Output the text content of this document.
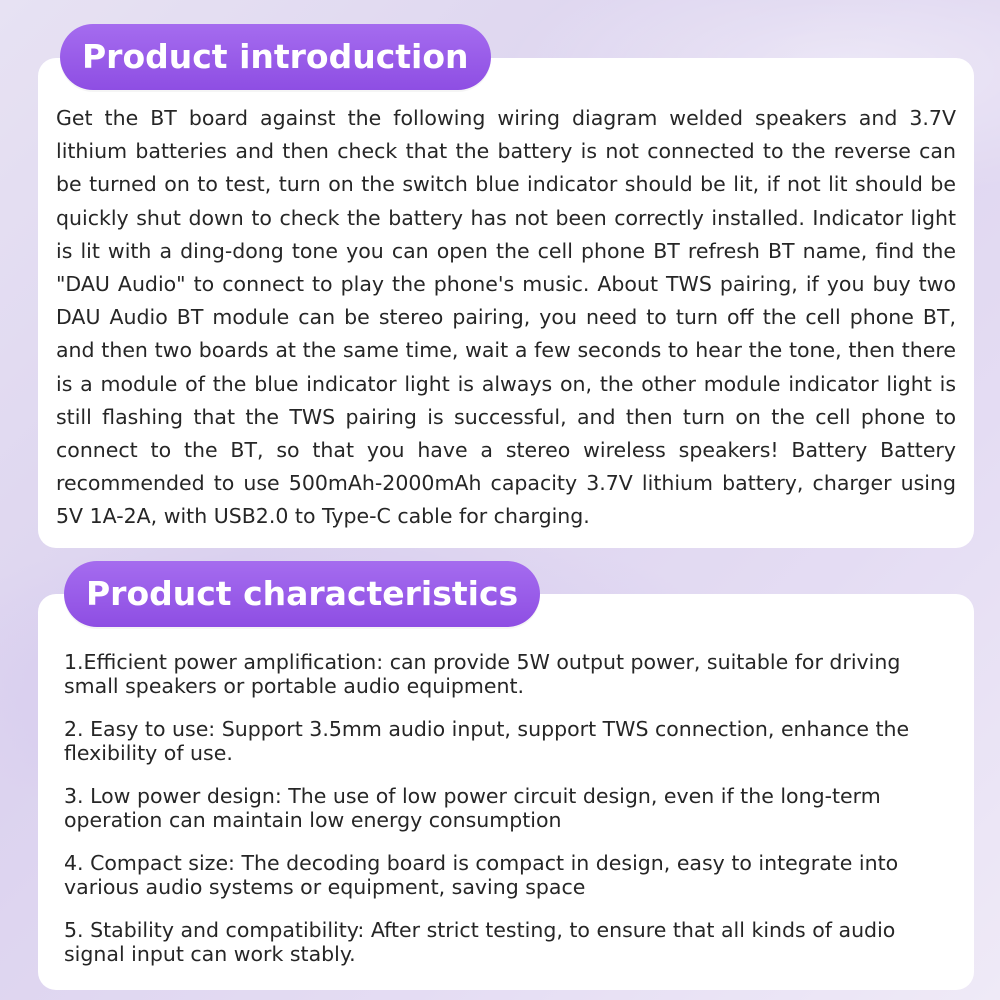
Product introduction
Get the BT board against the following wiring diagram welded speakers and 3.7V lithium batteries and then check that the battery is not connected to the reverse can be turned on to test, turn on the switch blue indicator should be lit, if not lit should be quickly shut down to check the battery has not been correctly installed. Indicator light is lit with a ding-dong tone you can open the cell phone BT refresh BT name, find the "DAU Audio" to connect to play the phone's music. About TWS pairing, if you buy two DAU Audio BT module can be stereo pairing, you need to turn off the cell phone BT, and then two boards at the same time, wait a few seconds to hear the tone, then there is a module of the blue indicator light is always on, the other module indicator light is still flashing that the TWS pairing is successful, and then turn on the cell phone to connect to the BT, so that you have a stereo wireless speakers! Battery Battery recommended to use 500mAh-2000mAh capacity 3.7V lithium battery, charger using 5V 1A-2A, with USB2.0 to Type-C cable for charging.
Product characteristics
1.Efficient power amplification: can provide 5W output power, suitable for driving small speakers or portable audio equipment.
2. Easy to use: Support 3.5mm audio input, support TWS connection, enhance the flexibility of use.
3. Low power design: The use of low power circuit design, even if the long-term operation can maintain low energy consumption
4. Compact size: The decoding board is compact in design, easy to integrate into various audio systems or equipment, saving space
5. Stability and compatibility: After strict testing, to ensure that all kinds of audio signal input can work stably.
